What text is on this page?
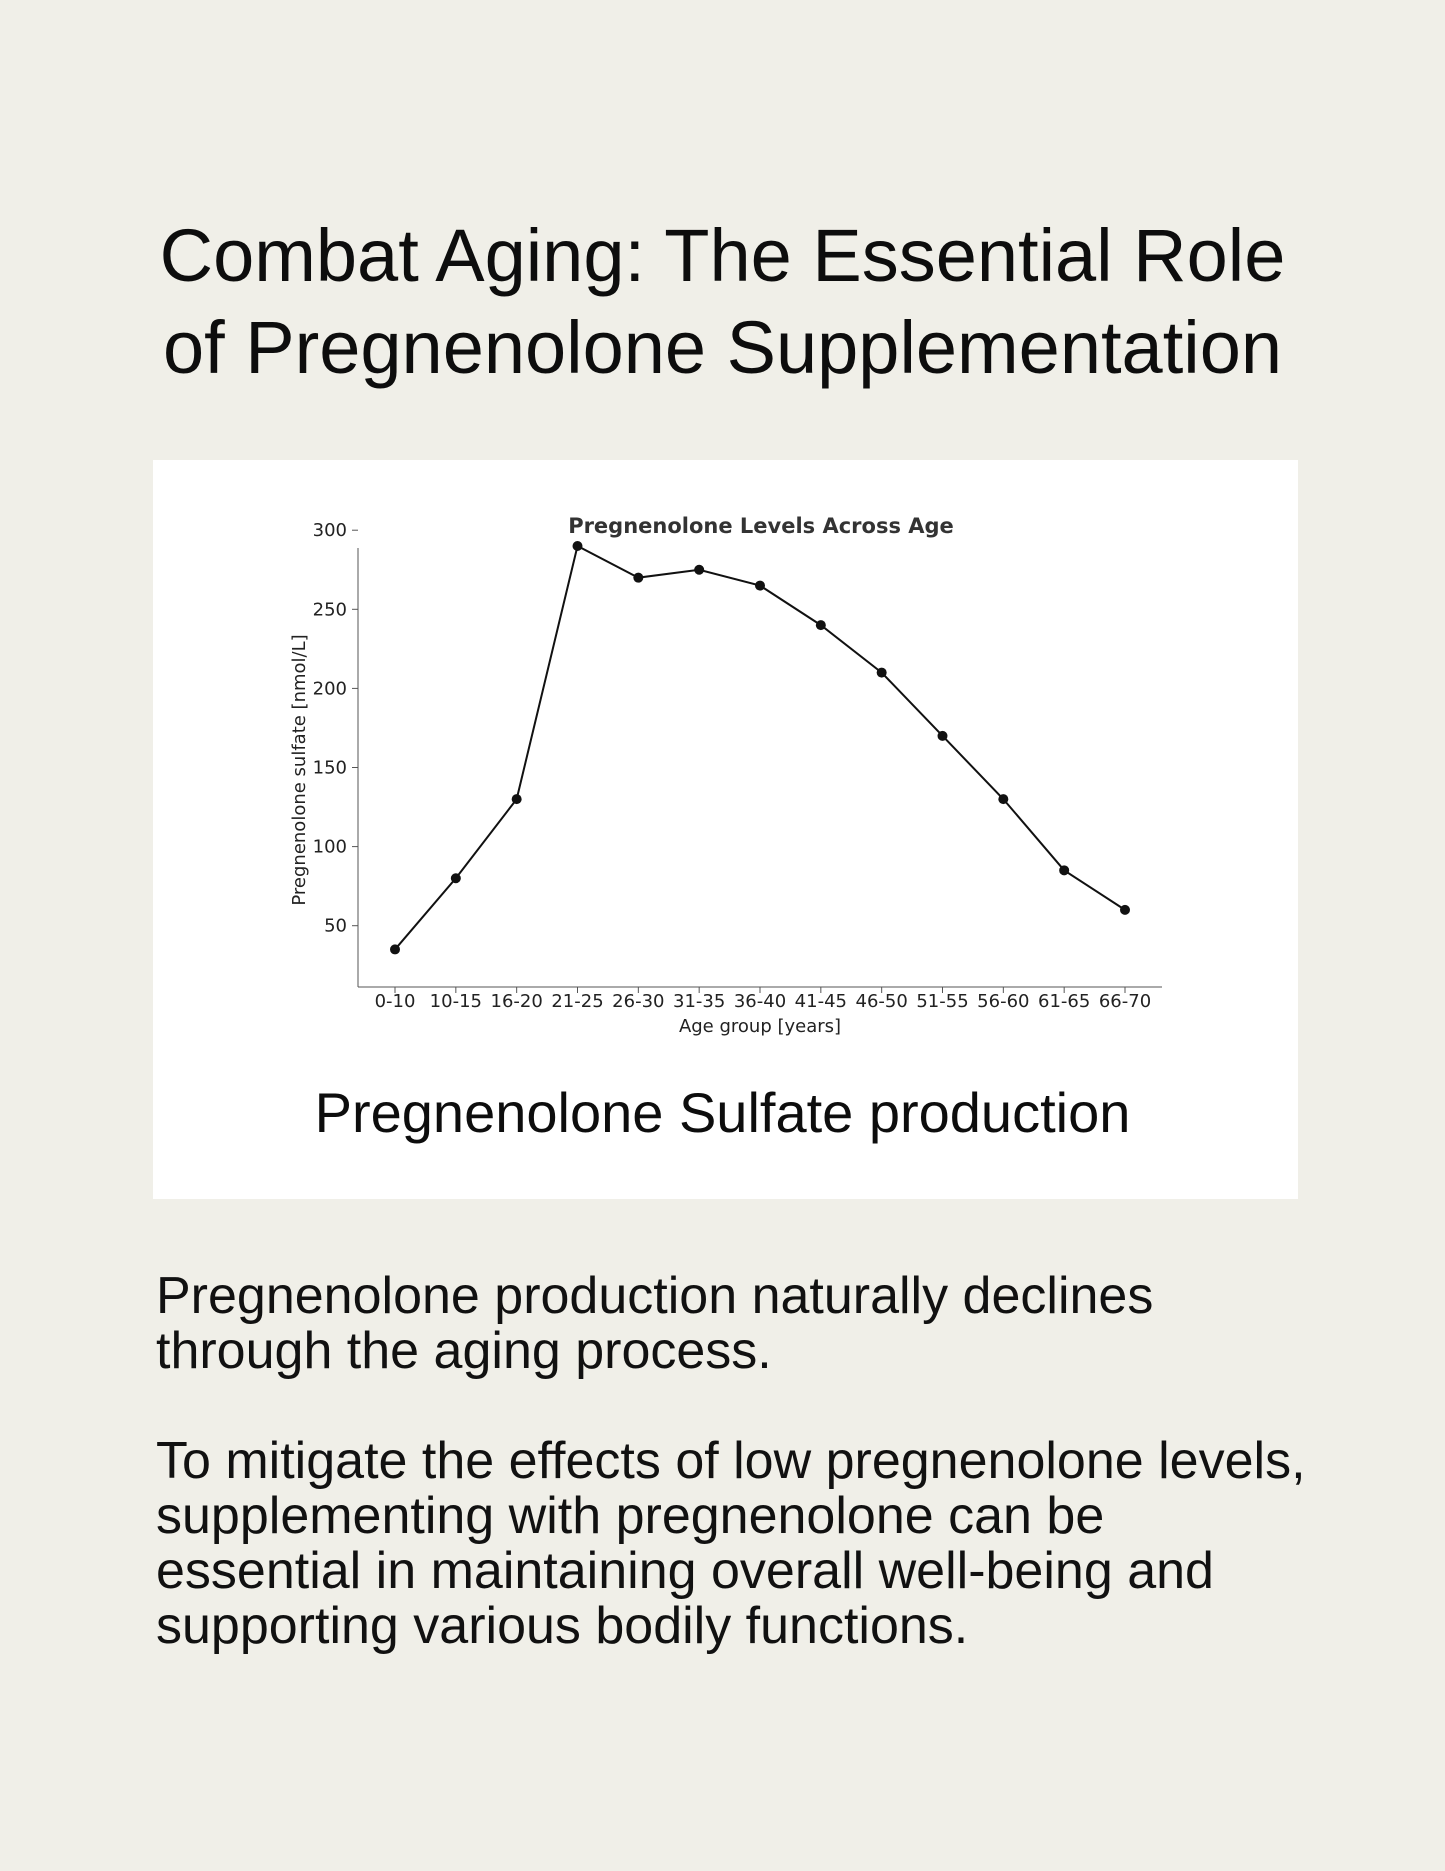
Combat Aging: The Essential Role
of Pregnenolone Supplementation
Pregnenolone Levels Across Age
50
100
150
200
250
300
0-10 10-15 16-20 21-25 26-30 31-35 36-40 41-45 46-50 51-55 56-60 61-65 66-70
Age group [years]
Pregnenolone sulfate [nmol/L]

Pregnenolone Sulfate production

Pregnenolone production naturally declines through the aging process.

To mitigate the effects of low pregnenolone levels, supplementing with pregnenolone can be essential in maintaining overall well-being and supporting various bodily functions.
